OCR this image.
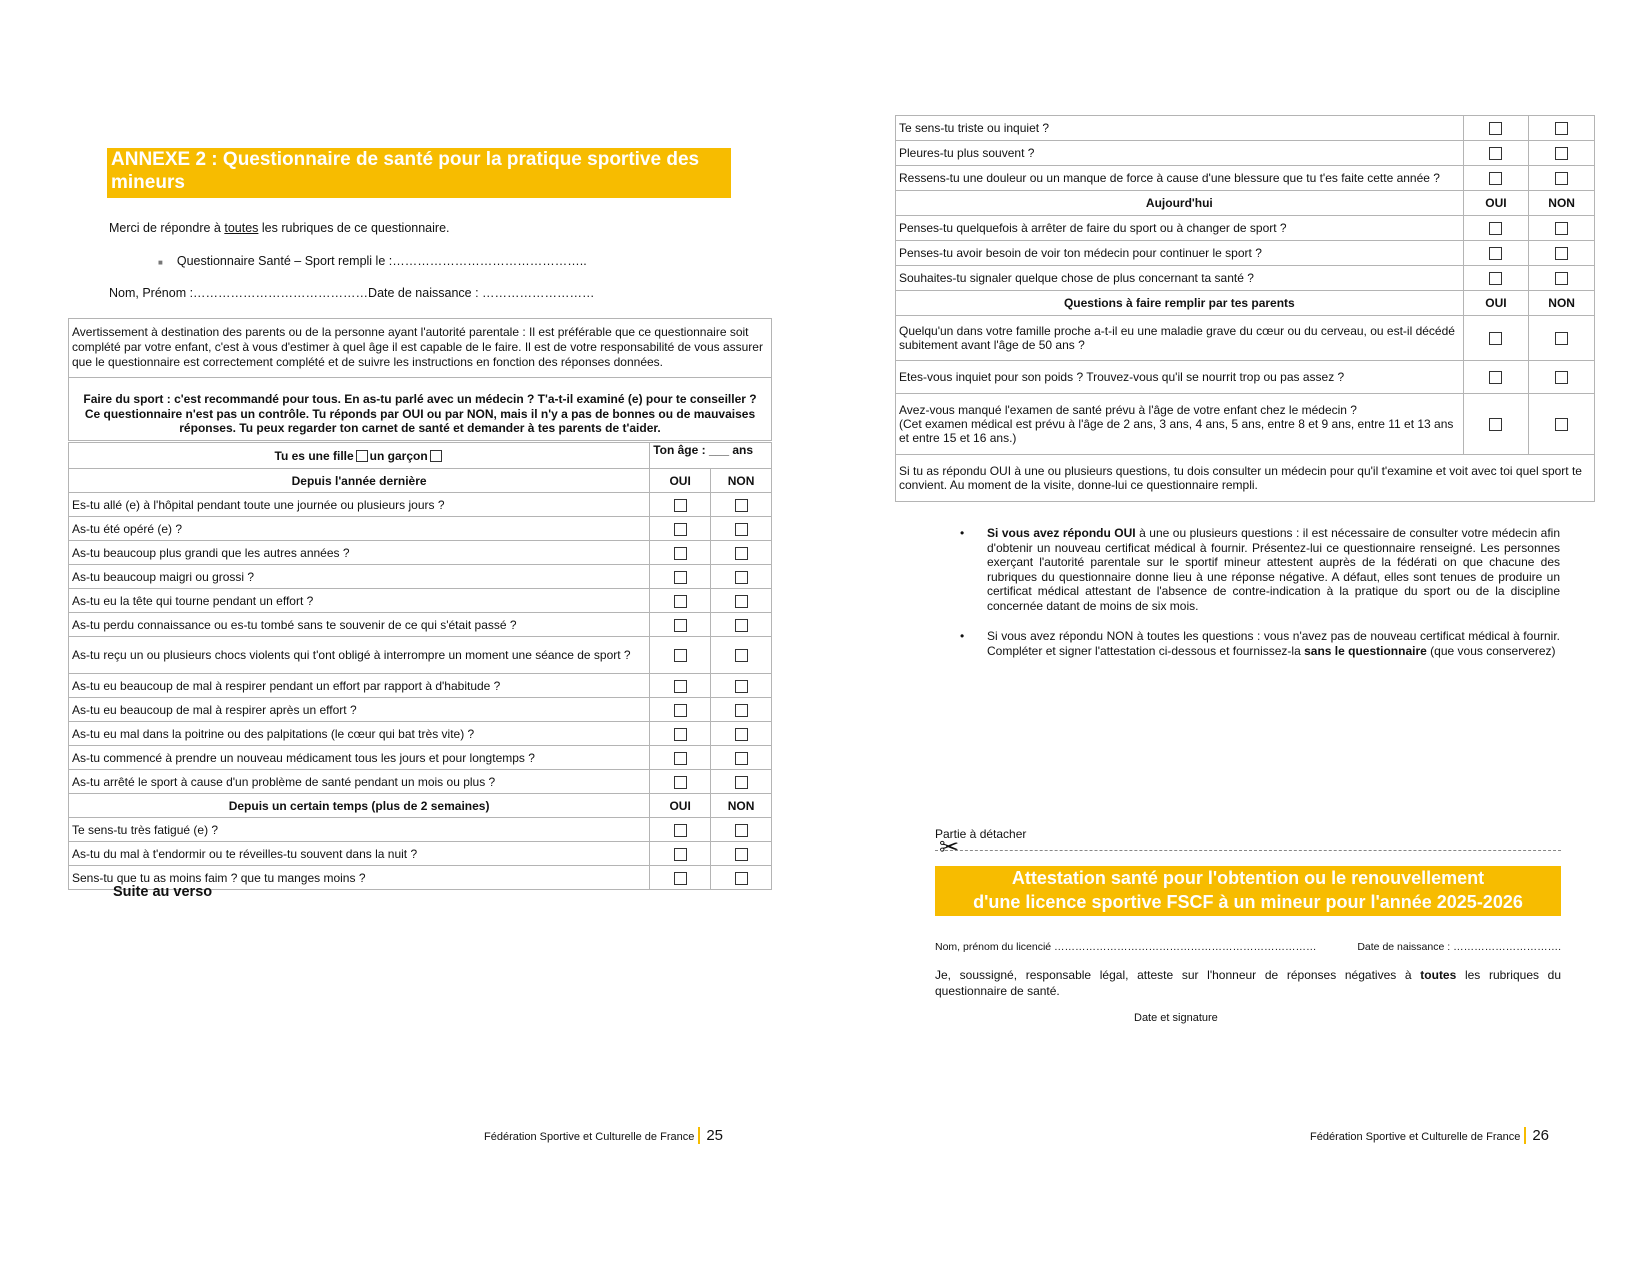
ANNEXE 2 : Questionnaire de santé pour la pratique sportive des mineurs
Merci de répondre à toutes les rubriques de ce questionnaire.
■ Questionnaire Santé – Sport rempli le :………………………………………..
Nom, Prénom :……………………………………Date de naissance : ………………………
Avertissement à destination des parents ou de la personne ayant l'autorité parentale : Il est préférable que ce questionnaire soit complété par votre enfant, c'est à vous d'estimer à quel âge il est capable de le faire. Il est de votre responsabilité de vous assurer que le questionnaire est correctement complété et de suivre les instructions en fonction des réponses données.
Faire du sport : c'est recommandé pour tous. En as-tu parlé avec un médecin ? T'a-t-il examiné (e) pour te conseiller ? Ce questionnaire n'est pas un contrôle. Tu réponds par OUI ou par NON, mais il n'y a pas de bonnes ou de mauvaises réponses. Tu peux regarder ton carnet de santé et demander à tes parents de t'aider.
Tu es une fille un garçon	Ton âge : ___ ans	
Depuis l'année dernière	OUI	NON
Es-tu allé (e) à l'hôpital pendant toute une journée ou plusieurs jours ?		
As-tu été opéré (e) ?		
As-tu beaucoup plus grandi que les autres années ?		
As-tu beaucoup maigri ou grossi ?		
As-tu eu la tête qui tourne pendant un effort ?		
As-tu perdu connaissance ou es-tu tombé sans te souvenir de ce qui s'était passé ?		
As-tu reçu un ou plusieurs chocs violents qui t'ont obligé à interrompre un moment une séance de sport ?		
As-tu eu beaucoup de mal à respirer pendant un effort par rapport à d'habitude ?		
As-tu eu beaucoup de mal à respirer après un effort ?		
As-tu eu mal dans la poitrine ou des palpitations (le cœur qui bat très vite) ?		
As-tu commencé à prendre un nouveau médicament tous les jours et pour longtemps ?		
As-tu arrêté le sport à cause d'un problème de santé pendant un mois ou plus ?		
Depuis un certain temps (plus de 2 semaines)	OUI	NON
Te sens-tu très fatigué (e) ?		
As-tu du mal à t'endormir ou te réveilles-tu souvent dans la nuit ?		
Sens-tu que tu as moins faim ? que tu manges moins ?		
Suite au verso
Fédération Sportive et Culturelle de France 25
Te sens-tu triste ou inquiet ?		
Pleures-tu plus souvent ?		
Ressens-tu une douleur ou un manque de force à cause d'une blessure que tu t'es faite cette année ?		
Aujourd'hui	OUI	NON
Penses-tu quelquefois à arrêter de faire du sport ou à changer de sport ?		
Penses-tu avoir besoin de voir ton médecin pour continuer le sport ?		
Souhaites-tu signaler quelque chose de plus concernant ta santé ?		
Questions à faire remplir par tes parents	OUI	NON
Quelqu'un dans votre famille proche a-t-il eu une maladie grave du cœur ou du cerveau, ou est-il décédé subitement avant l'âge de 50 ans ?		
Etes-vous inquiet pour son poids ? Trouvez-vous qu'il se nourrit trop ou pas assez ?		

Avez-vous manqué l'examen de santé prévu à l'âge de votre enfant chez le médecin ?
(Cet examen médical est prévu à l'âge de 2 ans, 3 ans, 4 ans, 5 ans, entre 8 et 9 ans, entre 11 et 13 ans et entre 15 et 16 ans.)		

Si tu as répondu OUI à une ou plusieurs questions, tu dois consulter un médecin pour qu'il t'examine et voit avec toi quel sport te convient. Au moment de la visite, donne-lui ce questionnaire rempli.		
• Si vous avez répondu OUI à une ou plusieurs questions : il est nécessaire de consulter votre médecin afin d'obtenir un nouveau certificat médical à fournir. Présentez-lui ce questionnaire renseigné. Les personnes exerçant l'autorité parentale sur le sportif mineur attestent auprès de la fédérati on que chacune des rubriques du questionnaire donne lieu à une réponse négative. A défaut, elles sont tenues de produire un certificat médical attestant de l'absence de contre-indication à la pratique du sport ou de la discipline concernée datant de moins de six mois.
• Si vous avez répondu NON à toutes les questions : vous n'avez pas de nouveau certificat médical à fournir. Compléter et signer l'attestation ci-dessous et fournissez-la sans le questionnaire (que vous conserverez)
Partie à détacher
✂
Attestation santé pour l'obtention ou le renouvellement
d'une licence sportive FSCF à un mineur pour l'année 2025-2026
Nom, prénom du licencié …………………………………………………………………	Date de naissance : ………………………….
Je, soussigné, responsable légal, atteste sur l'honneur de réponses négatives à toutes les rubriques du questionnaire de santé.
Date et signature
Fédération Sportive et Culturelle de France 26
